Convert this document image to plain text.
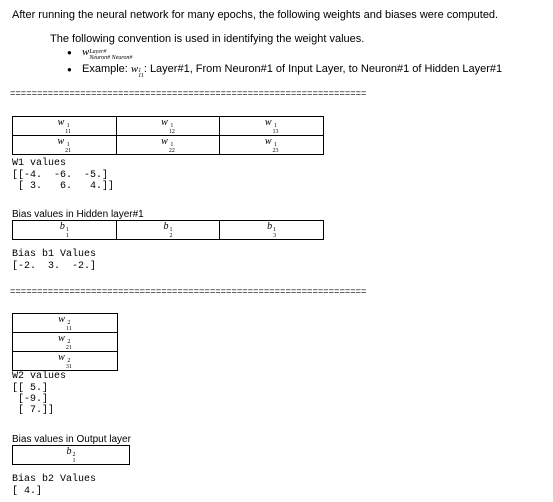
After running the neural network for many epochs, the following weights and biases were computed.
The following convention is used in identifying the weight values.
● w Layer#
Neuron# Neuron#
● Example: w 1
11
: Layer#1, From Neuron#1 of Input Layer, to Neuron#1 of Hidden Layer#1
==================================================================
w 1
11	w 1
12	w 1
13

w 1
21	w 1
22	w 1
23
W1 values
[[-4.  -6.  -5.]
[ 3.   6.   4.]]
Bias values in Hidden layer#1
b 1
1
	b 1
2
	b 1
3
Bias b1 Values
[-2.  3.  -2.]
==================================================================
w 2
11

w 2
21

w 2
31
W2 values
[[ 5.]
[-9.]
[ 7.]]
Bias values in Output layer
b 2
1
Bias b2 Values
[ 4.]
